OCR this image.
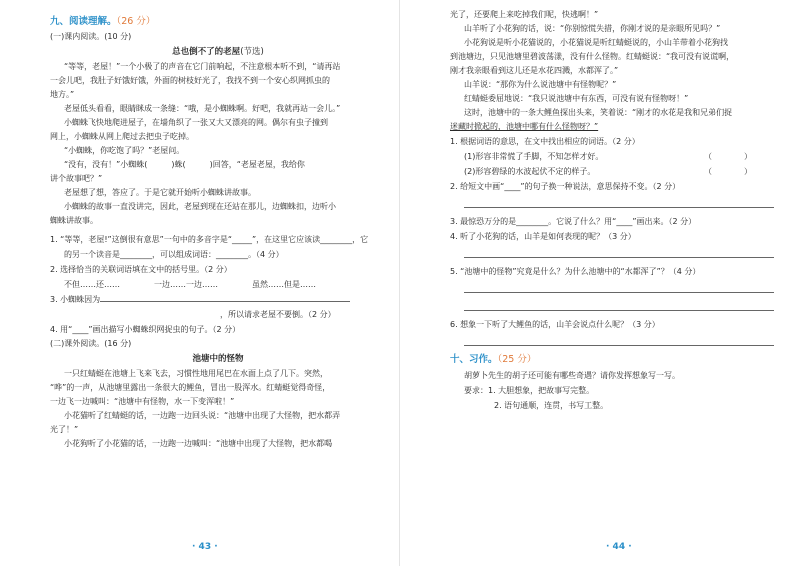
九、阅读理解。（26 分）
(一)课内阅读。(10 分)
总也倒不了的老屋(节选)
“等等，老屋！”一个小极了的声音在它门前响起，不注意根本听不到，“请再站
一会儿吧，我肚子好饿好饿，外面的树枝好光了，我找不到一个安心织网抓虫的
地方。”
老屋低头看看，眼睛眯成一条缝：“哦，是小蜘蛛啊。好吧，我就再站一会儿。”
小蜘蛛飞快地爬进屋子，在墙角织了一张又大又漂亮的网。偶尔有虫子撞到
网上，小蜘蛛从网上爬过去把虫子吃掉。
“小蜘蛛，你吃饱了吗？”老屋问。
“没有，没有！”小蜘蛛(　　　)蛛(　　　)回答，“老屋老屋，我给你
讲个故事吧？”
老屋想了想，答应了。于是它就开始听小蜘蛛讲故事。
小蜘蛛的故事一直没讲完，因此，老屋到现在还站在那儿，边蜘蛛扣，边听小
蜘蛛讲故事。
1. “等等，老屋!”这倒很有意思”一句中的多音字是“_____”，在这里它应该读________，它
的另一个读音是________，可以组成词语：________。（4 分）
2. 选择恰当的关联词语填在文中的括号里。（2 分）
不但……还……	一边……一边……	虽然……但是……
3. 小蜘蛛因为
，所以请求老屋不要倒。（2 分）
4. 用“____”画出描写小蜘蛛织网捉虫的句子。（2 分）
(二)课外阅读。(16 分)
池塘中的怪物
一只红蜻蜓在池塘上飞来飞去，习惯性地用尾巴在水面上点了几下。突然，
“哗”的一声，从池塘里露出一条很大的鲤鱼，冒出一股浑水。红蜻蜓觉得奇怪，
一边飞一边喊叫：“池塘中有怪物，水一下变浑啦！”
小花猫听了红蜻蜓的话，一边跑一边回头说：“池塘中出现了大怪物，把水都弄
光了！”
小花狗听了小花猫的话，一边跑一边喊叫：“池塘中出现了大怪物，把水都喝
· 43 ·
光了，还要爬上来吃掉我们呢，快逃啊！”
山羊听了小花狗的话，说：“你别惊慌失措，你刚才说的是亲眼所见吗？”
小花狗说是听小花猫说的，小花猫说是听红蜻蜓说的，小山羊带着小花狗找
到池塘边，只见池塘里碧波荡漾，没有什么怪物。红蜻蜓说：“我可没有说谎啊，
刚才我亲眼看到这儿还是水花四溅，水都浑了。”
山羊说：“那你为什么说池塘中有怪物呢？”
红蜻蜓委屈地说：“我只说池塘中有东西，可没有说有怪物呀！”
这时，池塘中的一条大鲤鱼探出头来，笑着说：“刚才的水花是我和兄弟们捉
迷藏时掀起的，池塘中哪有什么怪物呀？”
1. 根据词语的意思，在文中找出相应的词语。（2 分）
(1)形容非常慌了手脚，不知怎样才好。	（　　　　）
(2)形容碧绿的水波起伏不定的样子。	（　　　　）
2. 给短文中画“____”的句子换一种说法，意思保持不变。（2 分）
3. 最惊恐万分的是________。它说了什么？用“____”画出来。（2 分）
4. 听了小花狗的话，山羊是如何表现的呢？（3 分）
5. “池塘中的怪物”究竟是什么？为什么池塘中的“水都浑了”？（4 分）
6. 想象一下听了大鲤鱼的话，山羊会说点什么呢？（3 分）
十、习作。（25 分）
胡萝卜先生的胡子还可能有哪些奇遇？请你发挥想象写一写。
要求：1. 大胆想象，把故事写完整。
2. 语句通顺，连贯，书写工整。
· 44 ·
